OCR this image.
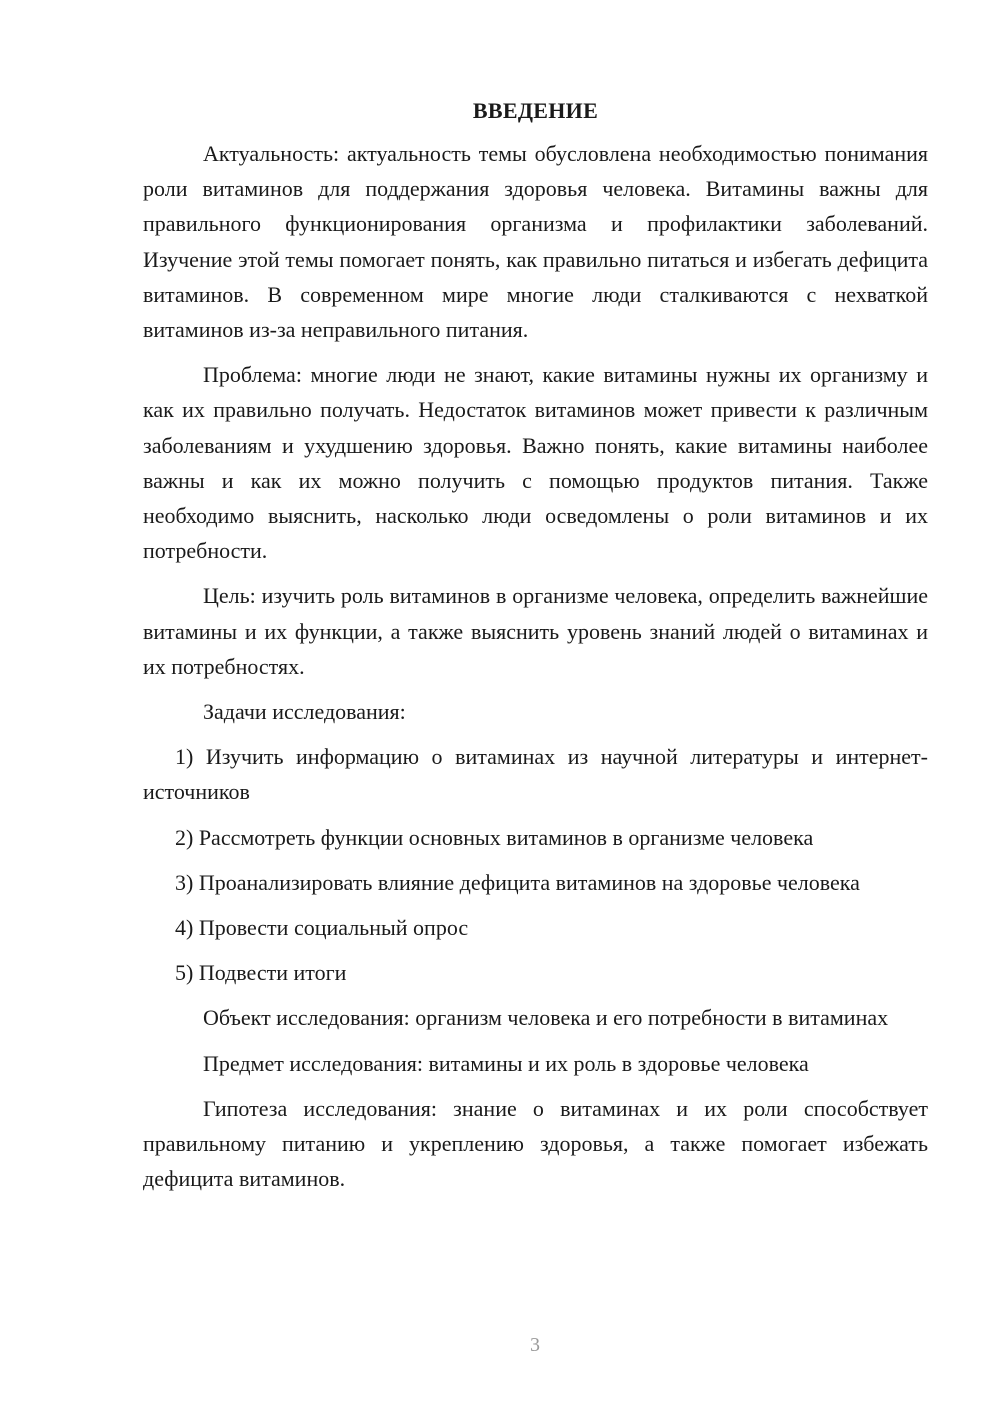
ВВЕДЕНИЕ

Актуальность: актуальность темы обусловлена необходимостью понимания роли витаминов для поддержания здоровья человека. Витамины важны для правильного функционирования организма и профилактики заболеваний. Изучение этой темы помогает понять, как правильно питаться и избегать дефицита витаминов. В современном мире многие люди сталкиваются с нехваткой витаминов из-за неправильного питания.

Проблема: многие люди не знают, какие витамины нужны их организму и как их правильно получать. Недостаток витаминов может привести к различным заболеваниям и ухудшению здоровья. Важно понять, какие витамины наиболее важны и как их можно получить с помощью продуктов питания. Также необходимо выяснить, насколько люди осведомлены о роли витаминов и их потребности.

Цель: изучить роль витаминов в организме человека, определить важнейшие витамины и их функции, а также выяснить уровень знаний людей о витаминах и их потребностях.

Задачи исследования:

1) Изучить информацию о витаминах из научной литературы и интернет-источников

2) Рассмотреть функции основных витаминов в организме человека

3) Проанализировать влияние дефицита витаминов на здоровье человека

4) Провести социальный опрос

5) Подвести итоги

Объект исследования: организм человека и его потребности в витаминах

Предмет исследования: витамины и их роль в здоровье человека

Гипотеза исследования: знание о витаминах и их роли способствует правильному питанию и укреплению здоровья, а также помогает избежать дефицита витаминов.

3
